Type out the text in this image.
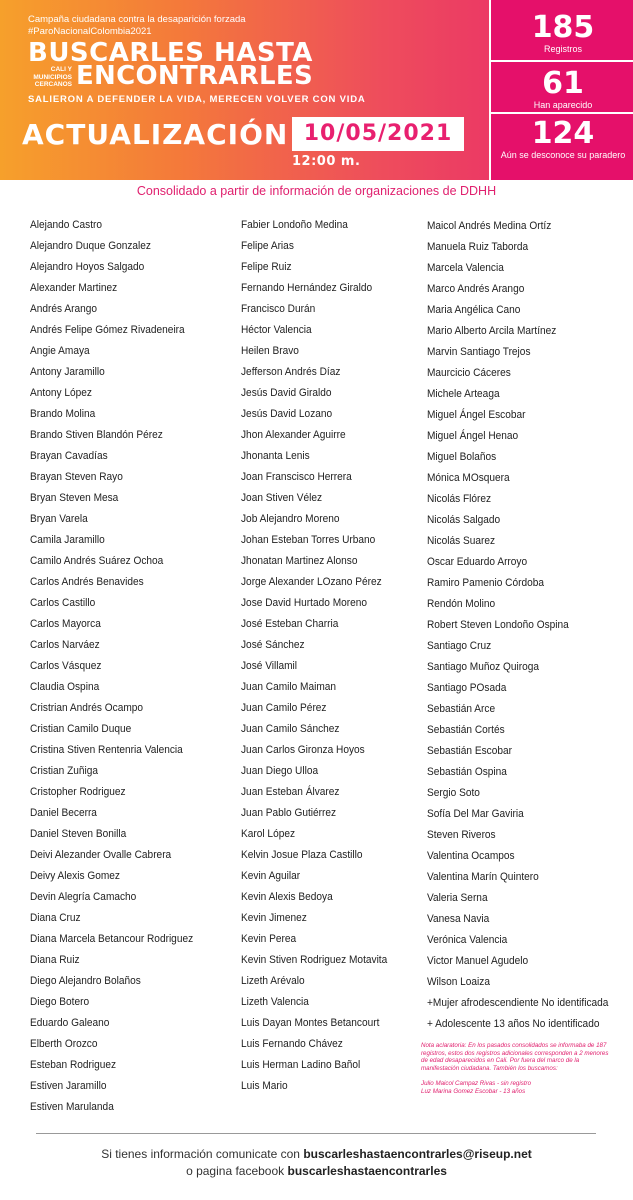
Campaña ciudadana contra la desaparición forzada
#ParoNacionalColombia2021
BUSCARLES HASTA
CALI Y MUNICIPIOS CERCANOS ENCONTRARLES
SALIERON A DEFENDER LA VIDA, MERECEN VOLVER CON VIDA
ACTUALIZACIÓN 10/05/2021
12:00 m.
185
Registros
61
Han aparecido
124
Aún se desconoce su paradero
Consolidado a partir de información de organizaciones de DDHH
Alejando Castro
Alejandro Duque Gonzalez
Alejandro Hoyos Salgado
Alexander Martinez
Andrés Arango
Andrés Felipe Gómez Rivadeneira
Angie Amaya
Antony Jaramillo
Antony López
Brando Molina
Brando Stiven Blandón Pérez
Brayan Cavadías
Brayan Steven Rayo
Bryan Steven Mesa
Bryan Varela
Camila Jaramillo
Camilo Andrés Suárez Ochoa
Carlos Andrés Benavides
Carlos Castillo
Carlos Mayorca
Carlos Narváez
Carlos Vásquez
Claudia Ospina
Cristrian Andrés Ocampo
Cristian Camilo Duque
Cristina Stiven Rentenria Valencia
Cristian Zuñiga
Cristopher Rodriguez
Daniel Becerra
Daniel Steven Bonilla
Deivi Alezander Ovalle Cabrera
Deivy Alexis Gomez
Devin Alegría Camacho
Diana Cruz
Diana Marcela Betancour Rodriguez
Diana Ruiz
Diego Alejandro Bolaños
Diego Botero
Eduardo Galeano
Elberth Orozco
Esteban Rodriguez
Estiven Jaramillo
Estiven Marulanda
Fabier Londoño Medina
Felipe Arias
Felipe Ruiz
Fernando Hernández Giraldo
Francisco Durán
Héctor Valencia
Heilen Bravo
Jefferson Andrés Díaz
Jesús David Giraldo
Jesús David Lozano
Jhon Alexander Aguirre
Jhonanta Lenis
Joan Franscisco Herrera
Joan Stiven Vélez
Job Alejandro Moreno
Johan Esteban Torres Urbano
Jhonatan Martinez Alonso
Jorge Alexander LOzano Pérez
Jose David Hurtado Moreno
José Esteban Charria
José Sánchez
José Villamil
Juan Camilo Maiman
Juan Camilo Pérez
Juan Camilo Sánchez
Juan Carlos Gironza Hoyos
Juan Diego Ulloa
Juan Esteban Álvarez
Juan Pablo Gutiérrez
Karol López
Kelvin Josue Plaza Castillo
Kevin Aguilar
Kevin Alexis Bedoya
Kevin Jimenez
Kevin Perea
Kevin Stiven Rodriguez Motavita
Lizeth Arévalo
Lizeth Valencia
Luis Dayan Montes Betancourt
Luis Fernando Chávez
Luis Herman Ladino Bañol
Luis Mario
Maicol Andrés Medina Ortíz
Manuela Ruiz Taborda
Marcela Valencia
Marco Andrés Arango
Maria Angélica Cano
Mario Alberto Arcila Martínez
Marvin Santiago Trejos
Maurcicio Cáceres
Michele Arteaga
Miguel Ángel Escobar
Miguel Ángel Henao
Miguel Bolaños
Mónica MOsquera
Nicolás Flórez
Nicolás Salgado
Nicolás Suarez
Oscar Eduardo Arroyo
Ramiro Pamenio Córdoba
Rendón Molino
Robert Steven Londoño Ospina
Santiago Cruz
Santiago Muñoz Quiroga
Santiago POsada
Sebastián Arce
Sebastián Cortés
Sebastián Escobar
Sebastián Ospina
Sergio Soto
Sofía Del Mar Gaviria
Steven Riveros
Valentina Ocampos
Valentina Marín Quintero
Valeria Serna
Vanesa Navia
Verónica Valencia
Victor Manuel Agudelo
Wilson Loaiza
+Mujer afrodescendiente No identificada
+ Adolescente 13 años No identificado
Nota aclaratoria: En los pasados consolidados se informaba de 187 registros, estos dos registros adicionales corresponden a 2 menores de edad desaparecidos en Cali. Por fuera del marco de la manifestación ciudadana. También los buscamos:
Julio Maicol Campaz Rivas - sin registro
Luz Marina Gomez Escobar - 13 años
Si tienes información comunicate con buscarleshastaencontrarles@riseup.net
o pagina facebook buscarleshastaencontrarles
